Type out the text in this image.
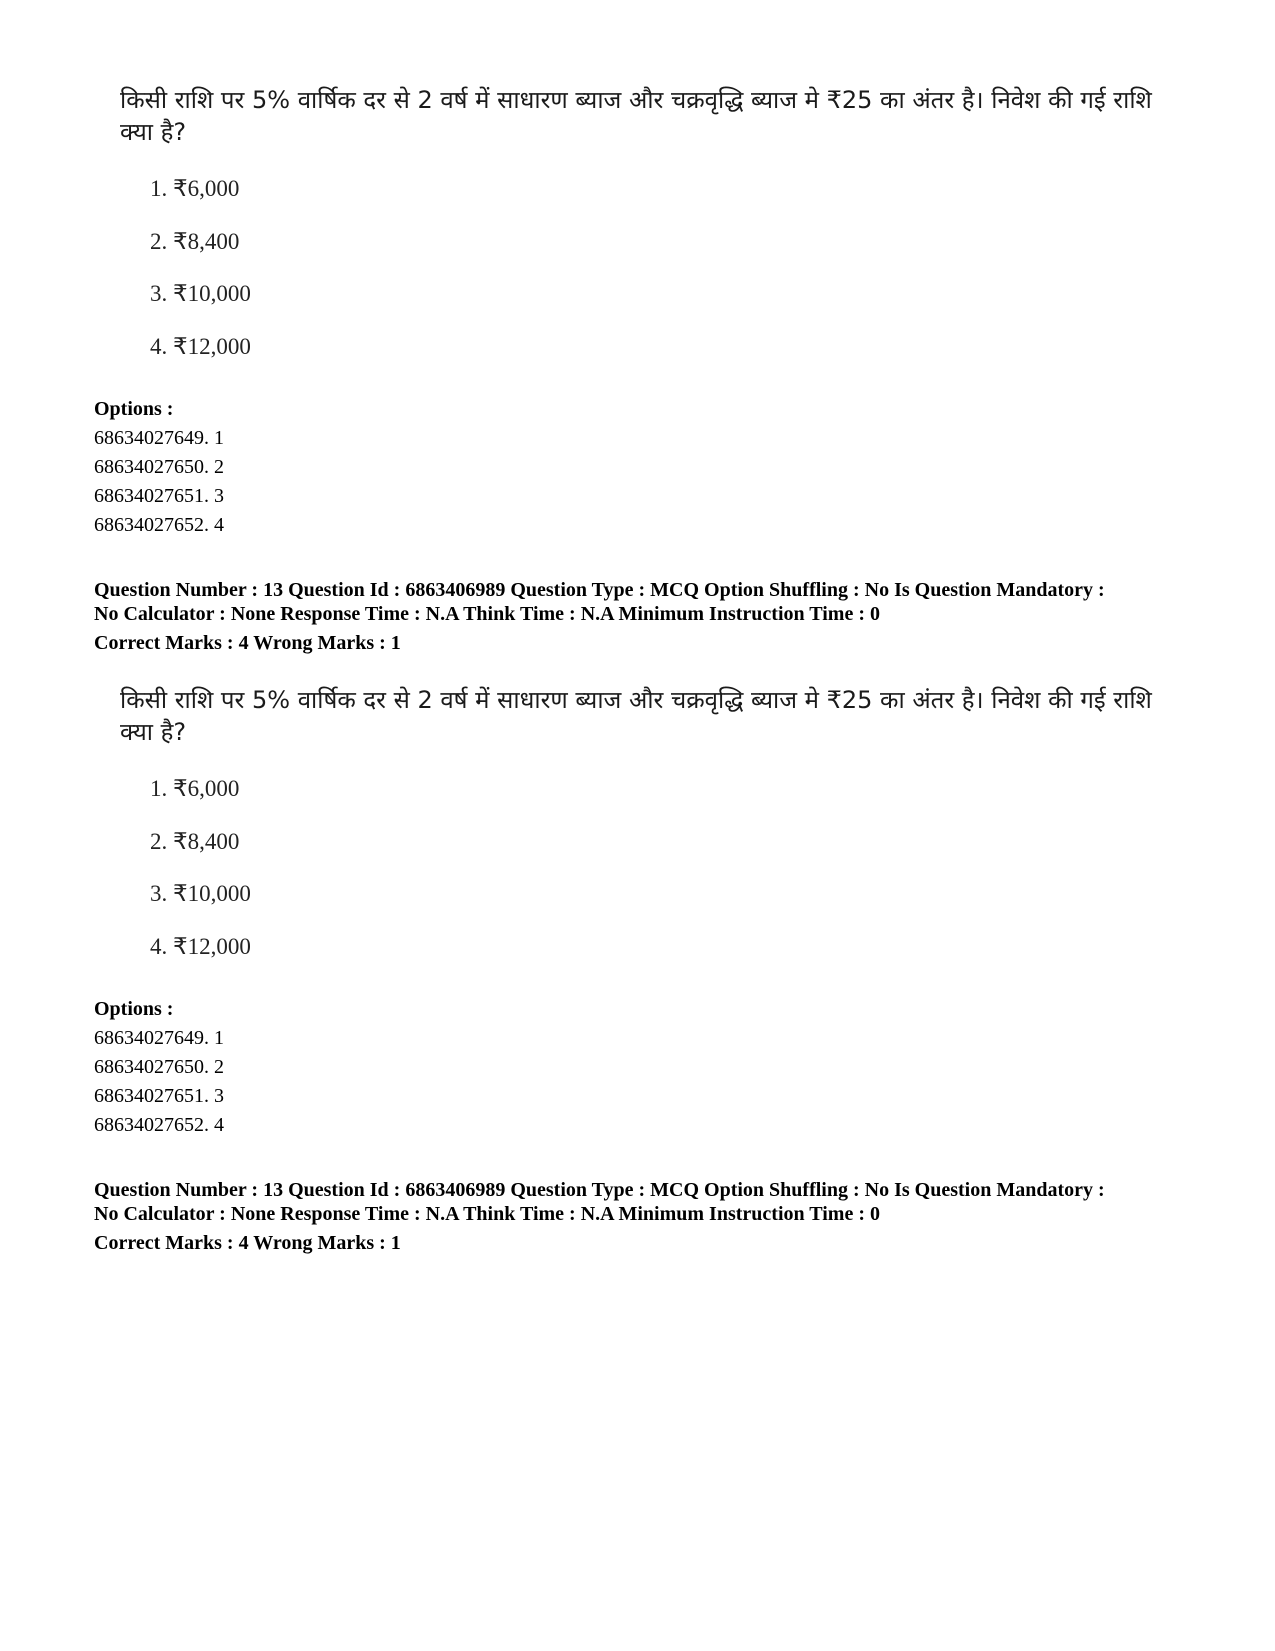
किसी राशि पर 5% वार्षिक दर से 2 वर्ष में साधारण ब्याज और चक्रवृद्धि ब्याज मे ₹25 का अंतर है। निवेश की गई राशि क्या है?
1. ₹6,000
2. ₹8,400
3. ₹10,000
4. ₹12,000
Options :
68634027649. 1
68634027650. 2
68634027651. 3
68634027652. 4
Question Number : 13 Question Id : 6863406989 Question Type : MCQ Option Shuffling : No Is Question Mandatory :
No Calculator : None Response Time : N.A Think Time : N.A Minimum Instruction Time : 0
Correct Marks : 4 Wrong Marks : 1
किसी राशि पर 5% वार्षिक दर से 2 वर्ष में साधारण ब्याज और चक्रवृद्धि ब्याज मे ₹25 का अंतर है। निवेश की गई राशि क्या है?
1. ₹6,000
2. ₹8,400
3. ₹10,000
4. ₹12,000
Options :
68634027649. 1
68634027650. 2
68634027651. 3
68634027652. 4
Question Number : 13 Question Id : 6863406989 Question Type : MCQ Option Shuffling : No Is Question Mandatory :
No Calculator : None Response Time : N.A Think Time : N.A Minimum Instruction Time : 0
Correct Marks : 4 Wrong Marks : 1
